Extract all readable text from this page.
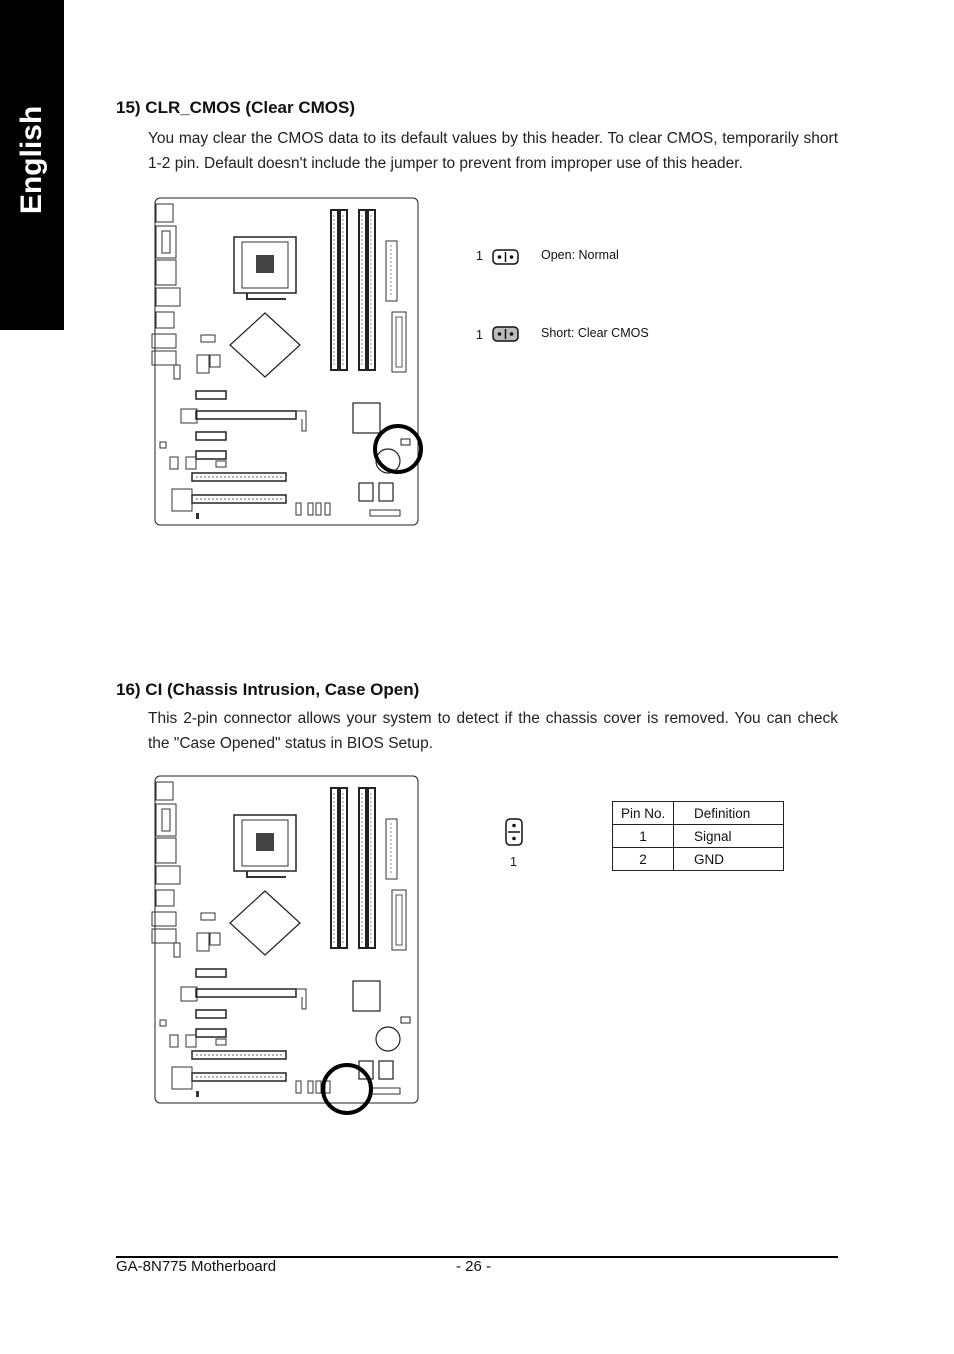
English	15) CLR_CMOS (Clear CMOS)
You may clear the CMOS data to its default values by this header. To clear CMOS, temporarily short 1-2 pin. Default doesn't include the jumper to prevent from improper use of this header.
1	Open: Normal
1	Short: Clear CMOS
16) CI (Chassis Intrusion, Case Open)
This 2-pin connector allows your system to detect if the chassis cover is removed. You can check the "Case Opened" status in BIOS Setup.
1
Pin No.	Definition
1	Signal
2	GND
GA-8N775 Motherboard	- 26 -
